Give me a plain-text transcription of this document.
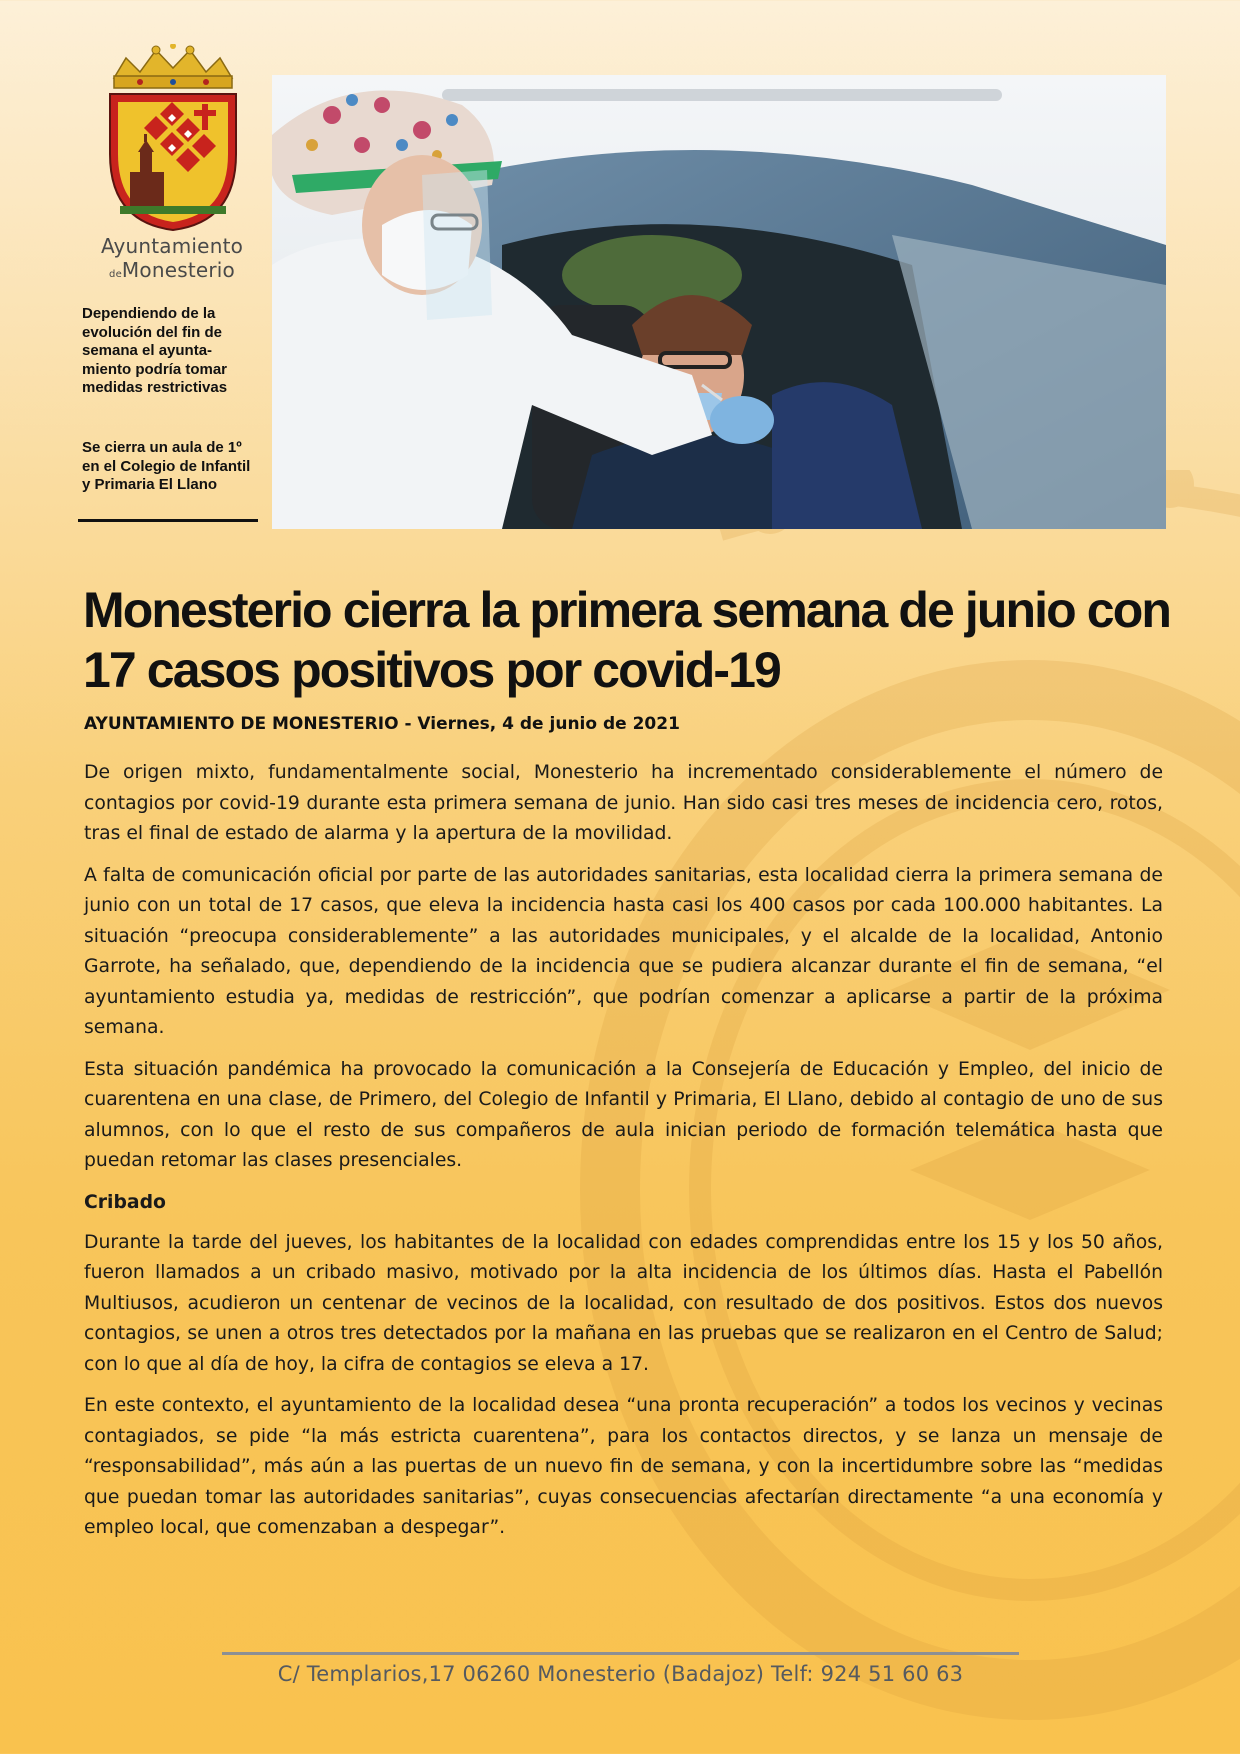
Ayuntamiento
deMonesterio
Dependiendo de la evolución del fin de semana el ayunta-miento podría tomar medidas restrictivas
Se cierra un aula de 1º en el Colegio de Infantil y Primaria El Llano
Monesterio cierra la primera semana de junio con 17 casos positivos por covid-19
AYUNTAMIENTO DE MONESTERIO - Viernes, 4 de junio de 2021

De origen mixto, fundamentalmente social, Monesterio ha incrementado considerablemente el número de contagios por covid-19 durante esta primera semana de junio. Han sido casi tres meses de incidencia cero, rotos, tras el final de estado de alarma y la apertura de la movilidad.

A falta de comunicación oficial por parte de las autoridades sanitarias, esta localidad cierra la primera semana de junio con un total de 17 casos, que eleva la incidencia hasta casi los 400 casos por cada 100.000 habitantes. La situación “preocupa considerablemente” a las autoridades municipales, y el alcalde de la localidad, Antonio Garrote, ha señalado, que, dependiendo de la incidencia que se pudiera alcanzar durante el fin de semana, “el ayuntamiento estudia ya, medidas de restricción”, que podrían comenzar a aplicarse a partir de la próxima semana.

Esta situación pandémica ha provocado la comunicación a la Consejería de Educación y Empleo, del inicio de cuarentena en una clase, de Primero, del Colegio de Infantil y Primaria, El Llano, debido al contagio de uno de sus alumnos, con lo que el resto de sus compañeros de aula inician periodo de formación telemática hasta que puedan retomar las clases presenciales.

Cribado

Durante la tarde del jueves, los habitantes de la localidad con edades comprendidas entre los 15 y los 50 años, fueron llamados a un cribado masivo, motivado por la alta incidencia de los últimos días. Hasta el Pabellón Multiusos, acudieron un centenar de vecinos de la localidad, con resultado de dos positivos. Estos dos nuevos contagios, se unen a otros tres detectados por la mañana en las pruebas que se realizaron en el Centro de Salud; con lo que al día de hoy, la cifra de contagios se eleva a 17.

En este contexto, el ayuntamiento de la localidad desea “una pronta recuperación” a todos los vecinos y vecinas contagiados, se pide “la más estricta cuarentena”, para los contactos directos, y se lanza un mensaje de “responsabilidad”, más aún a las puertas de un nuevo fin de semana, y con la incertidumbre sobre las “medidas que puedan tomar las autoridades sanitarias”, cuyas consecuencias afectarían directamente “a una economía y empleo local, que comenzaban a despegar”.

C/ Templarios,17 06260 Monesterio (Badajoz) Telf: 924 51 60 63
